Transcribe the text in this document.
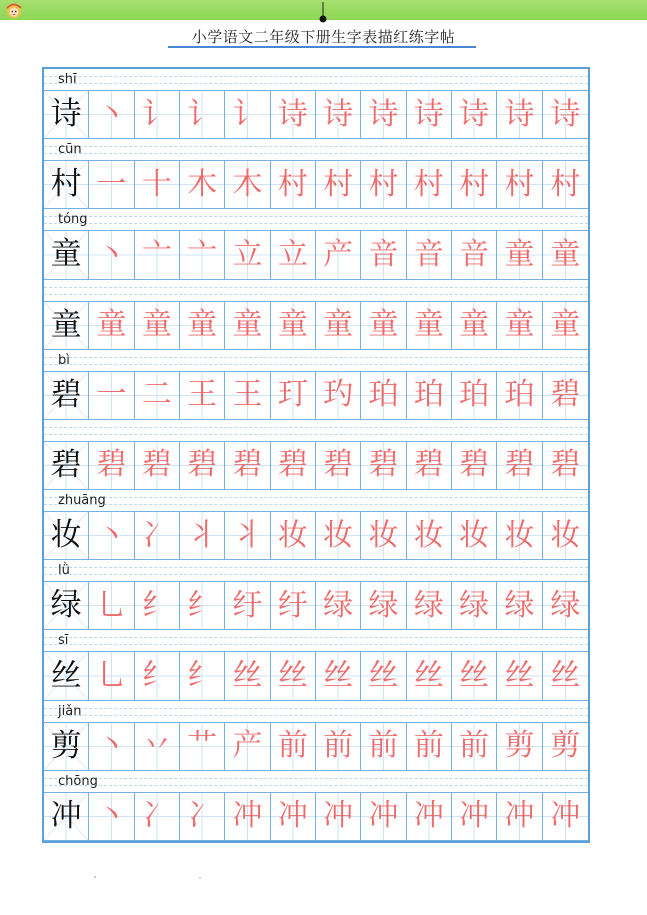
小学语文二年级下册生字表描红练字帖
shī
诗 丶 讠 讠 讠 诗 诗 诗 诗 诗 诗 诗
cūn
村 一 十 木 木 村 村 村 村 村 村 村
tóng
童 丶 亠 亠 立 立 产 音 音 音 童 童
童 童 童 童 童 童 童 童 童 童 童 童
bì
碧 一 二 王 王 玎 玓 珀 珀 珀 珀 碧
碧 碧 碧 碧 碧 碧 碧 碧 碧 碧 碧 碧
zhuāng
妆 丶 冫 丬 丬 妆 妆 妆 妆 妆 妆 妆
lǜ
绿 乚 纟 纟 纡 纡 绿 绿 绿 绿 绿 绿
sī
丝 乚 纟 纟 丝 丝 丝 丝 丝 丝 丝 丝
jiǎn
剪 丶 丷 艹 产 前 前 前 前 前 剪 剪
chōng
冲 丶 冫 冫 冲 冲 冲 冲 冲 冲 冲 冲
